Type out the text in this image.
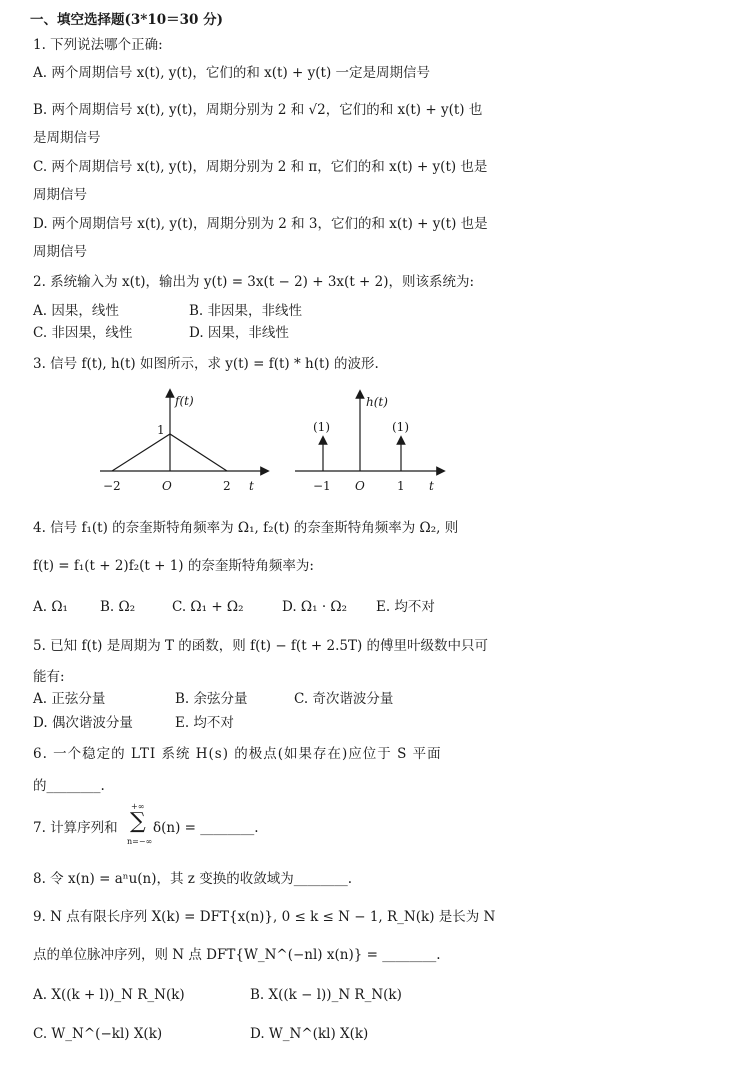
一、填空选择题(3*10＝30 分)
1. 下列说法哪个正确:
A. 两个周期信号 x(t), y(t)，它们的和 x(t) + y(t) 一定是周期信号
B. 两个周期信号 x(t), y(t)，周期分别为 2 和 √2，它们的和 x(t) + y(t) 也
是周期信号
C. 两个周期信号 x(t), y(t)，周期分别为 2 和 π，它们的和 x(t) + y(t) 也是
周期信号
D. 两个周期信号 x(t), y(t)，周期分别为 2 和 3，它们的和 x(t) + y(t) 也是
周期信号
2. 系统输入为 x(t)，输出为 y(t) = 3x(t − 2) + 3x(t + 2)，则该系统为:
A. 因果，线性	B. 非因果，非线性
C. 非因果，线性	D. 因果，非线性
3. 信号 f(t), h(t) 如图所示，求 y(t) = f(t) * h(t) 的波形.
f(t)
1
−2	O	2 t
h(t)
(1)	(1)
−1 O	1 t
4. 信号 f₁(t) 的奈奎斯特角频率为 Ω₁, f₂(t) 的奈奎斯特角频率为 Ω₂, 则
f(t) = f₁(t + 2)f₂(t + 1) 的奈奎斯特角频率为:
A. Ω₁ B. Ω₂	C. Ω₁ + Ω₂	D. Ω₁ · Ω₂ E. 均不对
5. 已知 f(t) 是周期为 T 的函数，则 f(t) − f(t + 2.5T) 的傅里叶级数中只可
能有:
A. 正弦分量	B. 余弦分量	C. 奇次谐波分量
D. 偶次谐波分量	E. 均不对
6. 一个稳定的 LTI 系统 H(s) 的极点(如果存在)应位于 S 平面
的________.
7. 计算序列和
+∞
∑
n=−∞
δ(n) = ________.
8. 令 x(n) = aⁿu(n)，其 z 变换的收敛域为________.
9. N 点有限长序列 X(k) = DFT{x(n)}, 0 ≤ k ≤ N − 1, R_N(k) 是长为 N
点的单位脉冲序列，则 N 点 DFT{W_N^(−nl) x(n)} = ________.
A. X((k + l))_N R_N(k)	B. X((k − l))_N R_N(k)
C. W_N^(−kl) X(k)	D. W_N^(kl) X(k)
